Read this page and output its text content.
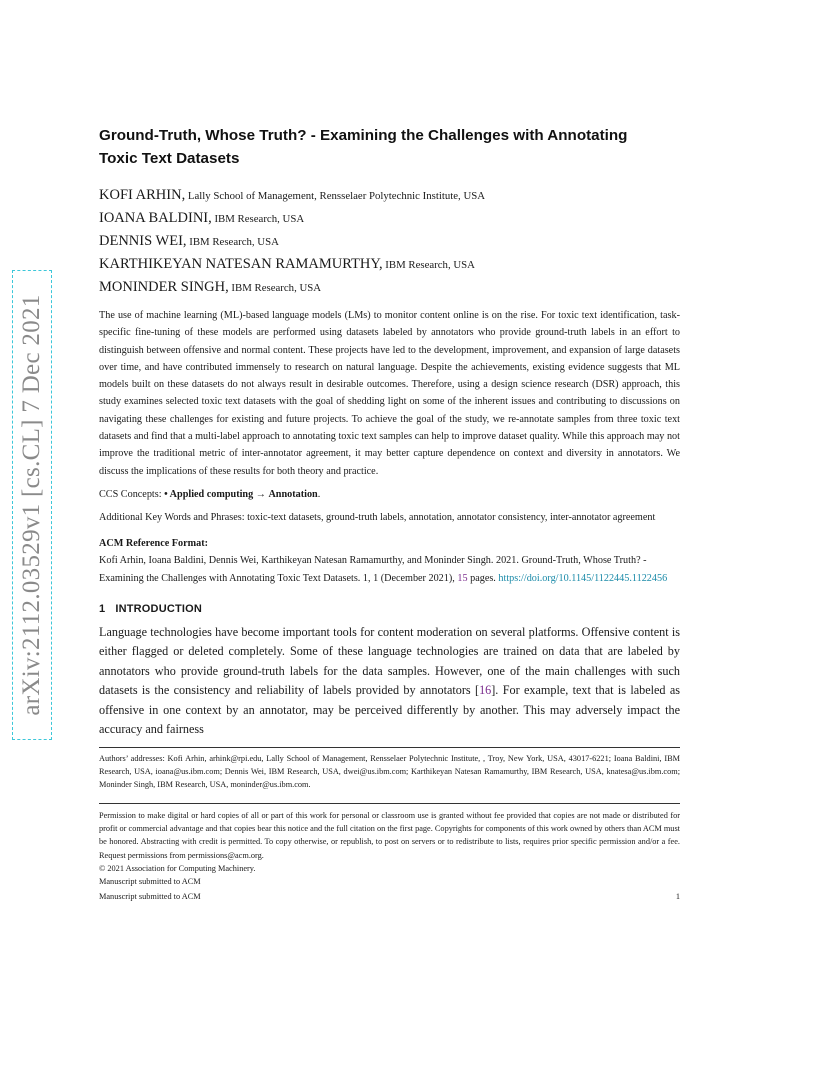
arXiv:2112.03529v1 [cs.CL] 7 Dec 2021
Ground-Truth, Whose Truth? - Examining the Challenges with Annotating
Toxic Text Datasets
KOFI ARHIN, Lally School of Management, Rensselaer Polytechnic Institute, USA
IOANA BALDINI, IBM Research, USA
DENNIS WEI, IBM Research, USA
KARTHIKEYAN NATESAN RAMAMURTHY, IBM Research, USA
MONINDER SINGH, IBM Research, USA
The use of machine learning (ML)-based language models (LMs) to monitor content online is on the rise. For toxic text identification, task-specific fine-tuning of these models are performed using datasets labeled by annotators who provide ground-truth labels in an effort to distinguish between offensive and normal content. These projects have led to the development, improvement, and expansion of large datasets over time, and have contributed immensely to research on natural language. Despite the achievements, existing evidence suggests that ML models built on these datasets do not always result in desirable outcomes. Therefore, using a design science research (DSR) approach, this study examines selected toxic text datasets with the goal of shedding light on some of the inherent issues and contributing to discussions on navigating these challenges for existing and future projects. To achieve the goal of the study, we re-annotate samples from three toxic text datasets and find that a multi-label approach to annotating toxic text samples can help to improve dataset quality. While this approach may not improve the traditional metric of inter-annotator agreement, it may better capture dependence on context and diversity in annotators. We discuss the implications of these results for both theory and practice.
CCS Concepts: • Applied computing → Annotation.
Additional Key Words and Phrases: toxic-text datasets, ground-truth labels, annotation, annotator consistency, inter-annotator agreement
ACM Reference Format:
Kofi Arhin, Ioana Baldini, Dennis Wei, Karthikeyan Natesan Ramamurthy, and Moninder Singh. 2021. Ground-Truth, Whose Truth? - Examining the Challenges with Annotating Toxic Text Datasets. 1, 1 (December 2021), 15 pages. https://doi.org/10.1145/1122445.1122456
1 INTRODUCTION
Language technologies have become important tools for content moderation on several platforms. Offensive content is either flagged or deleted completely. Some of these language technologies are trained on data that are labeled by annotators who provide ground-truth labels for the data samples. However, one of the main challenges with such datasets is the consistency and reliability of labels provided by annotators [16]. For example, text that is labeled as offensive in one context by an annotator, may be perceived differently by another. This may adversely impact the accuracy and fairness
Authors’ addresses: Kofi Arhin, arhink@rpi.edu, Lally School of Management, Rensselaer Polytechnic Institute, , Troy, New York, USA, 43017-6221; Ioana Baldini, IBM Research, USA, ioana@us.ibm.com; Dennis Wei, IBM Research, USA, dwei@us.ibm.com; Karthikeyan Natesan Ramamurthy, IBM Research, USA, knatesa@us.ibm.com; Moninder Singh, IBM Research, USA, moninder@us.ibm.com.
Permission to make digital or hard copies of all or part of this work for personal or classroom use is granted without fee provided that copies are not made or distributed for profit or commercial advantage and that copies bear this notice and the full citation on the first page. Copyrights for components of this work owned by others than ACM must be honored. Abstracting with credit is permitted. To copy otherwise, or republish, to post on servers or to redistribute to lists, requires prior specific permission and/or a fee. Request permissions from permissions@acm.org.
© 2021 Association for Computing Machinery.
Manuscript submitted to ACM
Manuscript submitted to ACM	1
